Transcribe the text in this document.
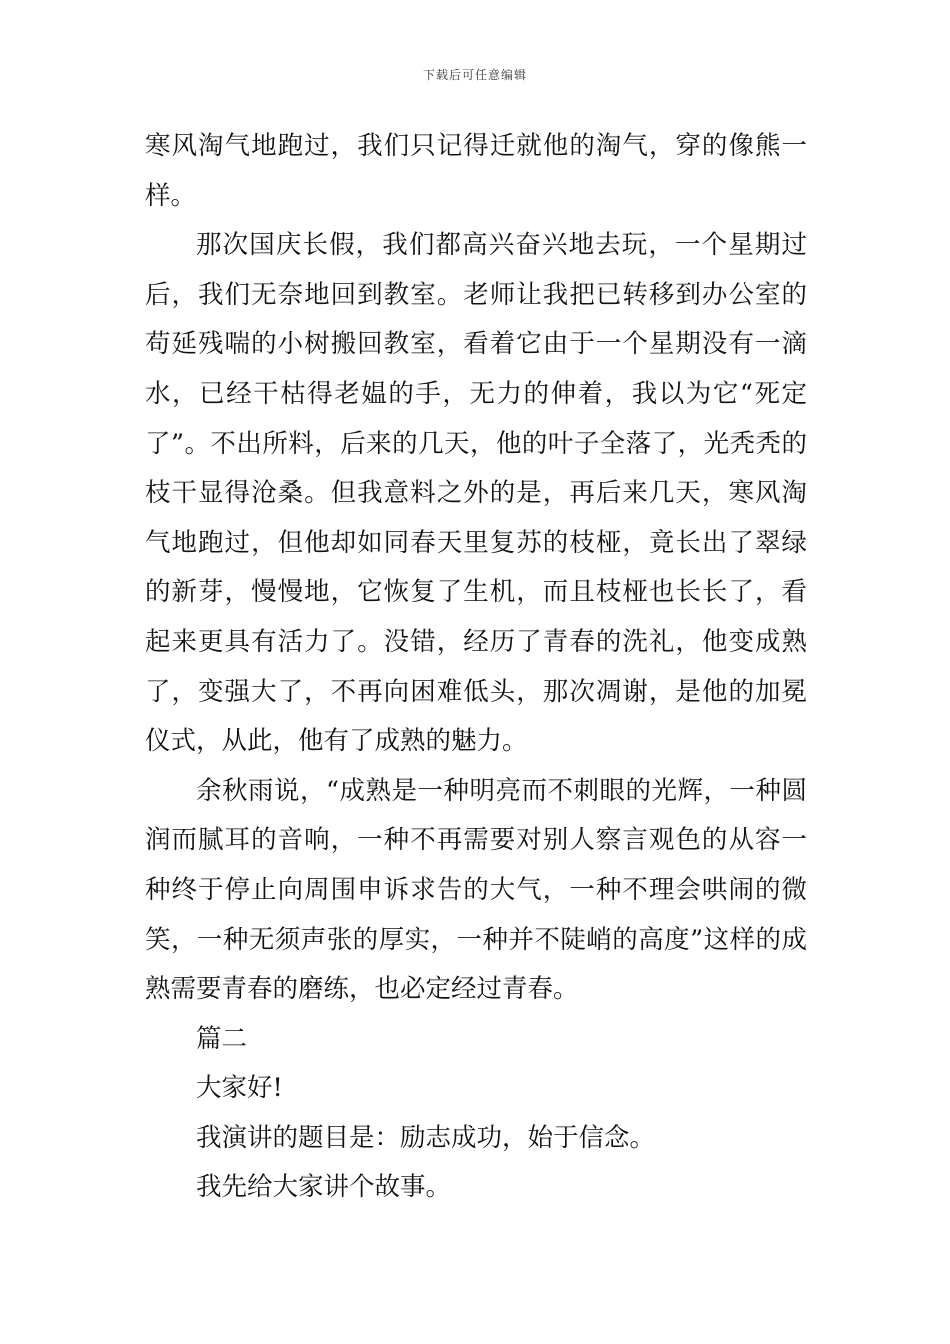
下载后可任意编辑

寒风淘气地跑过，我们只记得迁就他的淘气，穿的像熊一样。

那次国庆长假，我们都高兴奋兴地去玩，一个星期过后，我们无奈地回到教室。老师让我把已转移到办公室的苟延残喘的小树搬回教室，看着它由于一个星期没有一滴水，已经干枯得老媪的手，无力的伸着，我以为它“死定了”。不出所料，后来的几天，他的叶子全落了，光秃秃的枝干显得沧桑。但我意料之外的是，再后来几天，寒风淘气地跑过，但他却如同春天里复苏的枝桠，竟长出了翠绿的新芽，慢慢地，它恢复了生机，而且枝桠也长长了，看起来更具有活力了。没错，经历了青春的洗礼，他变成熟了，变强大了，不再向困难低头，那次凋谢，是他的加冕仪式，从此，他有了成熟的魅力。

余秋雨说，“成熟是一种明亮而不刺眼的光辉，一种圆润而腻耳的音响，一种不再需要对别人察言观色的从容一种终于停止向周围申诉求告的大气，一种不理会哄闹的微笑，一种无须声张的厚实，一种并不陡峭的高度”这样的成熟需要青春的磨练，也必定经过青春。

篇二

大家好!

我演讲的题目是：励志成功，始于信念。

我先给大家讲个故事。
